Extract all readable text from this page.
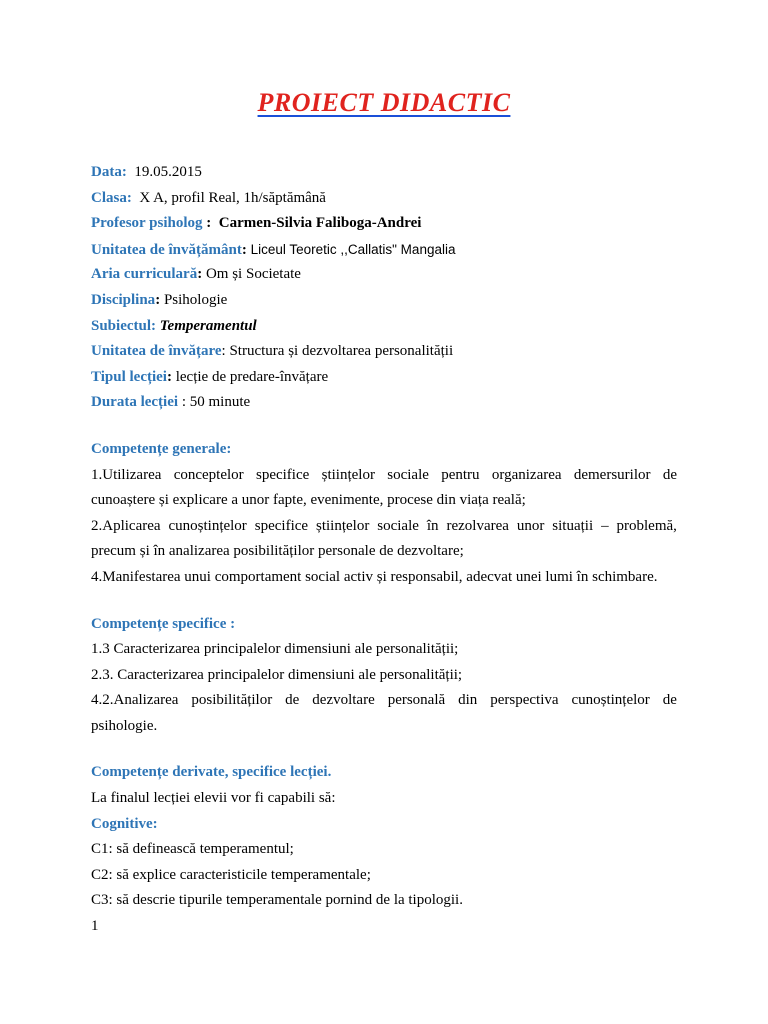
PROIECT DIDACTIC
Data: 19.05.2015
Clasa: X A, profil Real, 1h/săptămână
Profesor psiholog : Carmen-Silvia Faliboga-Andrei
Unitatea de învățământ: Liceul Teoretic ,,Callatis" Mangalia
Aria curriculară: Om și Societate
Disciplina: Psihologie
Subiectul: Temperamentul
Unitatea de învățare: Structura și dezvoltarea personalității
Tipul lecției: lecție de predare-învățare
Durata lecției : 50 minute
Competențe generale:
1.Utilizarea conceptelor specifice științelor sociale pentru organizarea demersurilor de
cunoaștere și explicare a unor fapte, evenimente, procese din viața reală;
2.Aplicarea cunoștințelor specifice științelor sociale în rezolvarea unor situații – problemă,
precum și în analizarea posibilităților personale de dezvoltare;
4.Manifestarea unui comportament social activ și responsabil, adecvat unei lumi în schimbare.
Competențe specifice :
1.3 Caracterizarea principalelor dimensiuni ale personalității;
2.3. Caracterizarea principalelor dimensiuni ale personalității;
4.2.Analizarea posibilităților de dezvoltare personală din perspectiva cunoștințelor de
psihologie.
Competențe derivate, specifice lecției.
La finalul lecției elevii vor fi capabili să:
Cognitive:
C1: să definească temperamentul;
C2: să explice caracteristicile temperamentale;
C3: să descrie tipurile temperamentale pornind de la tipologii.
1
